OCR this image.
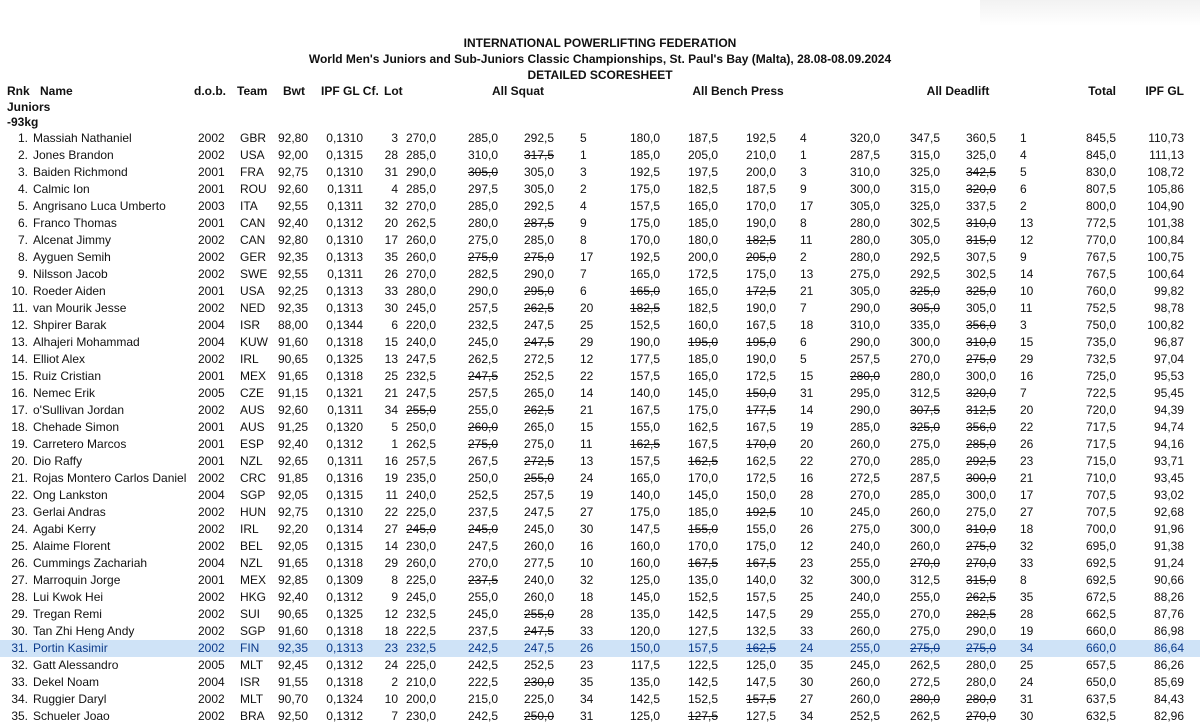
INTERNATIONAL POWERLIFTING FEDERATION
World Men's Juniors and Sub-Juniors Classic Championships, St. Paul's Bay (Malta), 28.08-08.09.2024
DETAILED SCORESHEET
Rnk Name	d.o.b. Team Bwt IPF GL Cf. Lot	All Squat	All Bench Press	All Deadlift	Total	IPF GL
Juniors
-93kg
1. Massiah Nathaniel	2002 GBR 92,80	0,1310	3 270,0	285,0	292,5 5	180,0	187,5	192,5 4	320,0	347,5	360,5 1	845,5	110,73
2. Jones Brandon	2002 USA	92,00	0,1315	28 285,0	310,0	317,5 1	185,0	205,0	210,0 1	287,5	315,0	325,0 4	845,0	111,13
3. Baiden Richmond	2001 FRA	92,75	0,1310	31 290,0	305,0	305,0 3	192,5	197,5	200,0 3	310,0	325,0	342,5 5	830,0	108,72
4. Calmic Ion	2001 ROU 92,60	0,1311	4 285,0	297,5	305,0 2	175,0	182,5	187,5 9	300,0	315,0	320,0 6	807,5	105,86
5. Angrisano Luca Umberto	2003 ITA	92,55	0,1311	32 270,0	285,0	292,5 4	157,5	165,0	170,0 17	305,0	325,0	337,5 2	800,0	104,90
6. Franco Thomas	2001 CAN	92,40	0,1312	20 262,5	280,0	287,5 9	175,0	185,0	190,0 8	280,0	302,5	310,0 13	772,5	101,38
7. Alcenat Jimmy	2002 CAN	92,80	0,1310	17 260,0	275,0	285,0 8	170,0	180,0	182,5 11	280,0	305,0	315,0 12	770,0	100,84
8. Ayguen Semih	2002 GER 92,35	0,1313	35 260,0	275,0	275,0 17	192,5	200,0	205,0 2	280,0	292,5	307,5 9	767,5	100,75
9. Nilsson Jacob	2002 SWE 92,55	0,1311	26 270,0	282,5	290,0 7	165,0	172,5	175,0 13	275,0	292,5	302,5 14	767,5	100,64
10. Roeder Aiden	2001 USA	92,25	0,1313	33 280,0	290,0	295,0 6	165,0	165,0	172,5 21	305,0	325,0	325,0 10	760,0	99,82
11. van Mourik Jesse	2002 NED	92,35	0,1313	30 245,0	257,5	262,5 20	182,5	182,5	190,0 7	290,0	305,0	305,0 11	752,5	98,78
12. Shpirer Barak	2004 ISR	88,00	0,1344	6 220,0	232,5	247,5 25	152,5	160,0	167,5 18	310,0	335,0	356,0 3	750,0	100,82
13. Alhajeri Mohammad	2004 KUW 91,60	0,1318	15 240,0	245,0	247,5 29	190,0	195,0	195,0 6	290,0	300,0	310,0 15	735,0	96,87
14. Elliot Alex	2002 IRL	90,65	0,1325	13 247,5	262,5	272,5 12	177,5	185,0	190,0 5	257,5	270,0	275,0 29	732,5	97,04
15. Ruiz Cristian	2001 MEX 91,65	0,1318	25 232,5	247,5	252,5 22	157,5	165,0	172,5 15	280,0	280,0	300,0 16	725,0	95,53
16. Nemec Erik	2005 CZE	91,15	0,1321	21 247,5	257,5	265,0 14	140,0	145,0	150,0 31	295,0	312,5	320,0 7	722,5	95,45
17. o'Sullivan Jordan	2002 AUS	92,60	0,1311	34 255,0	255,0	262,5 21	167,5	175,0	177,5 14	290,0	307,5	312,5 20	720,0	94,39
18. Chehade Simon	2001 AUS	91,25	0,1320	5 250,0	260,0	265,0 15	155,0	162,5	167,5 19	285,0	325,0	356,0 22	717,5	94,74
19. Carretero Marcos	2001 ESP	92,40	0,1312	1 262,5	275,0	275,0 11	162,5	167,5	170,0 20	260,0	275,0	285,0 26	717,5	94,16
20. Dio Raffy	2001 NZL	92,65	0,1311	16 257,5	267,5	272,5 13	157,5	162,5	162,5 22	270,0	285,0	292,5 23	715,0	93,71
21. Rojas Montero Carlos Daniel 2002 CRC 91,85	0,1316	19 235,0	250,0	255,0 24	165,0	170,0	172,5 16	272,5	287,5	300,0 21	710,0	93,45
22. Ong Lankston	2004 SGP	92,05	0,1315	11 240,0	252,5	257,5 19	140,0	145,0	150,0 28	270,0	285,0	300,0 17	707,5	93,02
23. Gerlai Andras	2002 HUN 92,75	0,1310	22 225,0	237,5	247,5 27	175,0	185,0	192,5 10	245,0	260,0	275,0 27	707,5	92,68
24. Agabi Kerry	2002 IRL	92,20	0,1314	27 245,0	245,0	245,0 30	147,5	155,0	155,0 26	275,0	300,0	310,0 18	700,0	91,96
25. Alaime Florent	2002 BEL	92,05	0,1315	14 230,0	247,5	260,0 16	160,0	170,0	175,0 12	240,0	260,0	275,0 32	695,0	91,38
26. Cummings Zachariah	2004 NZL	91,65	0,1318	29 260,0	270,0	277,5 10	160,0	167,5	167,5 23	255,0	270,0	270,0 33	692,5	91,24
27. Marroquin Jorge	2001 MEX 92,85	0,1309	8 225,0	237,5	240,0 32	125,0	135,0	140,0 32	300,0	312,5	315,0 8	692,5	90,66
28. Lui Kwok Hei	2002 HKG 92,40	0,1312	9 245,0	255,0	260,0 18	145,0	152,5	157,5 25	240,0	255,0	262,5 35	672,5	88,26
29. Tregan Remi	2002 SUI	90,65	0,1325	12 232,5	245,0	255,0 28	135,0	142,5	147,5 29	255,0	270,0	282,5 28	662,5	87,76
30. Tan Zhi Heng Andy	2002 SGP	91,60	0,1318	18 222,5	237,5	247,5 33	120,0	127,5	132,5 33	260,0	275,0	290,0 19	660,0	86,98
31. Portin Kasimir	2002 FIN	92,35	0,1313	23 232,5	242,5	247,5 26	150,0	157,5	162,5 24	255,0	275,0	275,0 34	660,0	86,64
32. Gatt Alessandro	2005 MLT	92,45	0,1312	24 225,0	242,5	252,5 23	117,5	122,5	125,0 35	245,0	262,5	280,0 25	657,5	86,26
33. Dekel Noam	2004 ISR	91,55	0,1318	2 210,0	222,5	230,0 35	135,0	142,5	147,5 30	260,0	272,5	280,0 24	650,0	85,69
34. Ruggier Daryl	2002 MLT	90,70	0,1324	10 200,0	215,0	225,0 34	142,5	152,5	157,5 27	260,0	280,0	280,0 31	637,5	84,43
35. Schueler Joao	2002 BRA	92,50	0,1312	7 230,0	242,5	250,0 31	125,0	127,5	127,5 34	252,5	262,5	270,0 30	632,5	82,96
